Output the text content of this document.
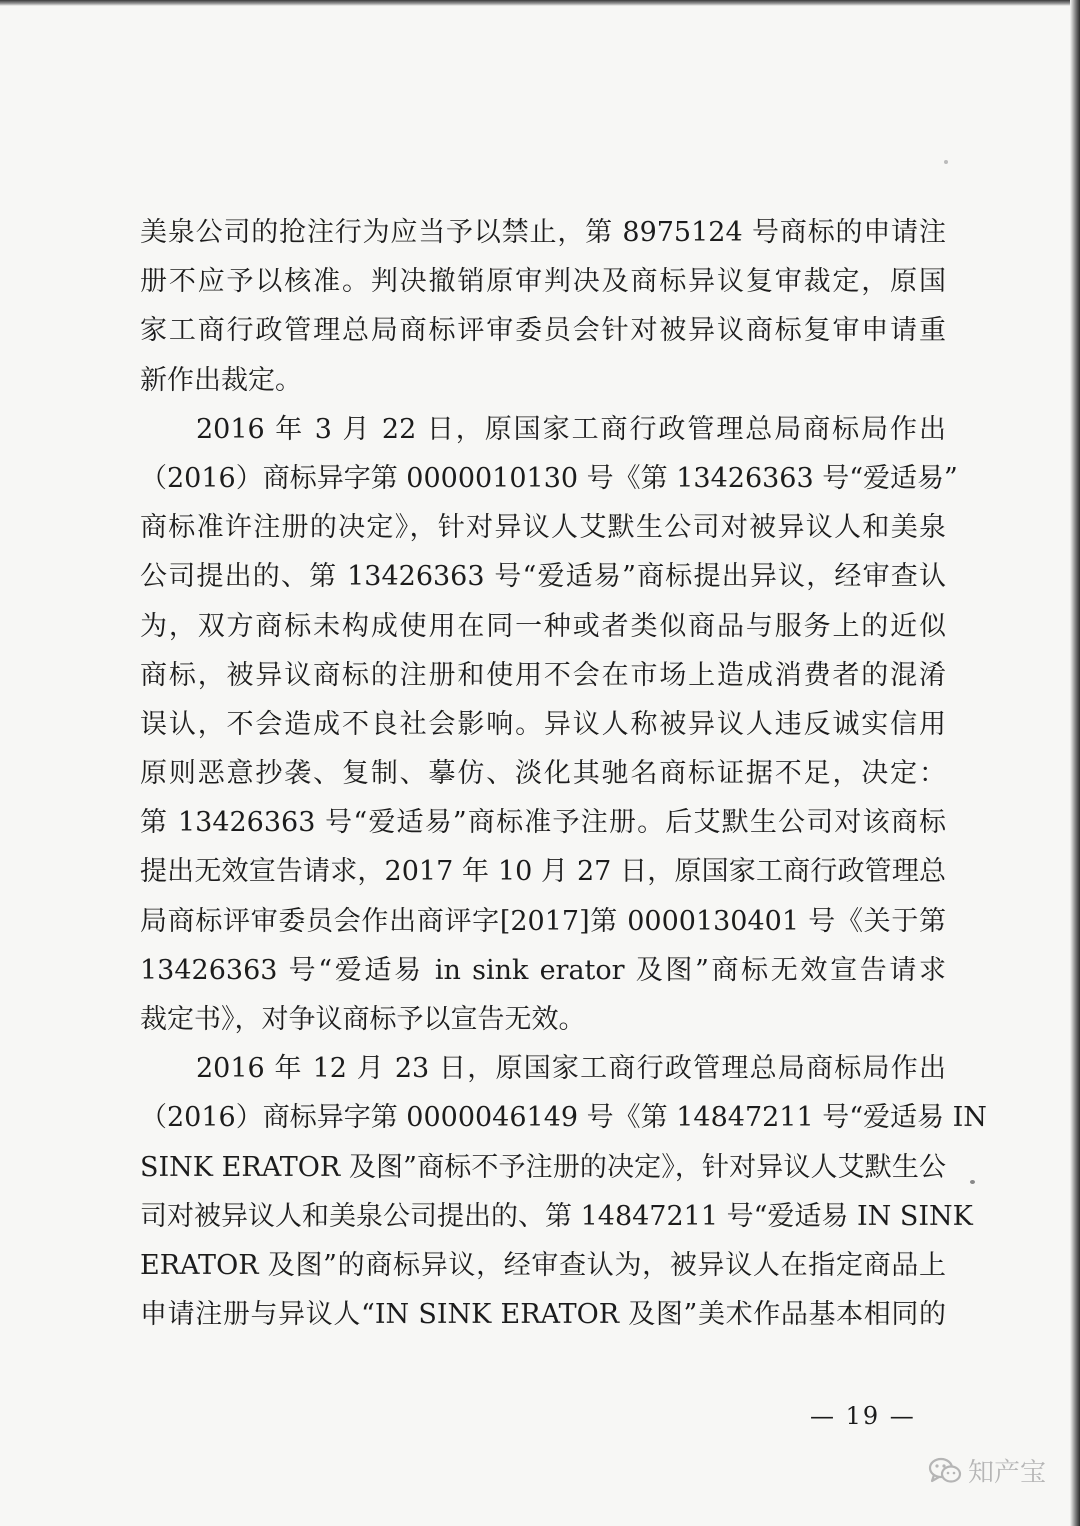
美泉公司的抢注行为应当予以禁止，第 8975124 号商标的申请注
册不应予以核准。判决撤销原审判决及商标异议复审裁定，原国
家工商行政管理总局商标评审委员会针对被异议商标复审申请重
新作出裁定。
2016 年 3 月 22 日，原国家工商行政管理总局商标局作出
（2016）商标异字第 0000010130 号《第 13426363 号“爱适易”
商标准许注册的决定》，针对异议人艾默生公司对被异议人和美泉
公司提出的、第 13426363 号“爱适易”商标提出异议，经审查认
为，双方商标未构成使用在同一种或者类似商品与服务上的近似
商标，被异议商标的注册和使用不会在市场上造成消费者的混淆
误认，不会造成不良社会影响。异议人称被异议人违反诚实信用
原则恶意抄袭、复制、摹仿、淡化其驰名商标证据不足，决定：
第 13426363 号“爱适易”商标准予注册。后艾默生公司对该商标
提出无效宣告请求，2017 年 10 月 27 日，原国家工商行政管理总
局商标评审委员会作出商评字[2017]第 0000130401 号《关于第
13426363 号“爱适易 in sink erator 及图”商标无效宣告请求
裁定书》，对争议商标予以宣告无效。
2016 年 12 月 23 日，原国家工商行政管理总局商标局作出
（2016）商标异字第 0000046149 号《第 14847211 号“爱适易 IN
SINK ERATOR 及图”商标不予注册的决定》，针对异议人艾默生公
司对被异议人和美泉公司提出的、第 14847211 号“爱适易 IN SINK
ERATOR 及图”的商标异议，经审查认为，被异议人在指定商品上
申请注册与异议人“IN SINK ERATOR 及图”美术作品基本相同的
— 19 —
知产宝
